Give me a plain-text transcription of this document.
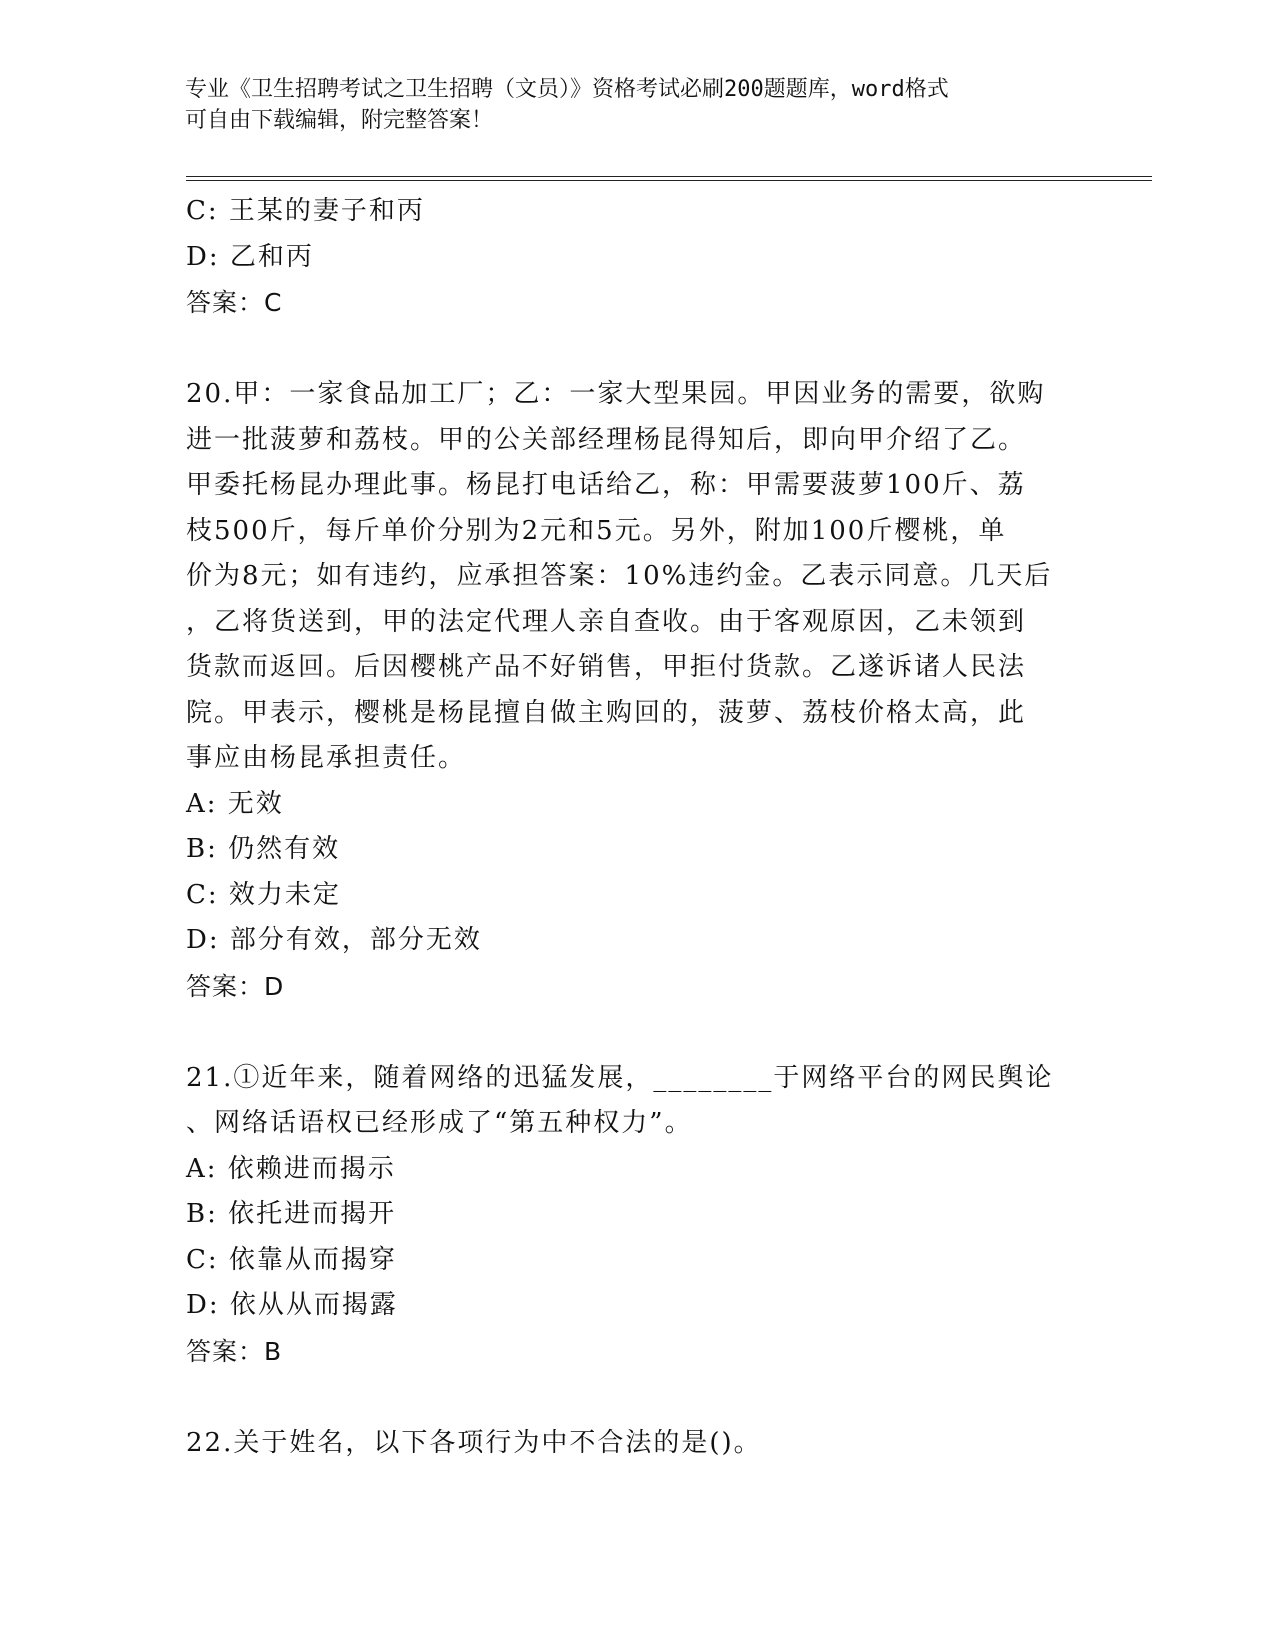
专业《卫生招聘考试之卫生招聘（文员）》资格考试必刷200题题库，word格式
可自由下载编辑，附完整答案！
C: 王某的妻子和丙
D: 乙和丙
答案：C
20.甲：一家食品加工厂；乙：一家大型果园。甲因业务的需要，欲购
进一批菠萝和荔枝。甲的公关部经理杨昆得知后，即向甲介绍了乙。
甲委托杨昆办理此事。杨昆打电话给乙，称：甲需要菠萝100斤、荔
枝500斤，每斤单价分别为2元和5元。另外，附加100斤樱桃，单
价为8元；如有违约，应承担答案：10%违约金。乙表示同意。几天后
，乙将货送到，甲的法定代理人亲自查收。由于客观原因，乙未领到
货款而返回。后因樱桃产品不好销售，甲拒付货款。乙遂诉诸人民法
院。甲表示，樱桃是杨昆擅自做主购回的，菠萝、荔枝价格太高，此
事应由杨昆承担责任。
A: 无效
B: 仍然有效
C: 效力未定
D: 部分有效，部分无效
答案：D
21.①近年来，随着网络的迅猛发展，________于网络平台的网民舆论
、网络话语权已经形成了“第五种权力”。
A: 依赖进而揭示
B: 依托进而揭开
C: 依靠从而揭穿
D: 依从从而揭露
答案：B
22.关于姓名，以下各项行为中不合法的是()。
